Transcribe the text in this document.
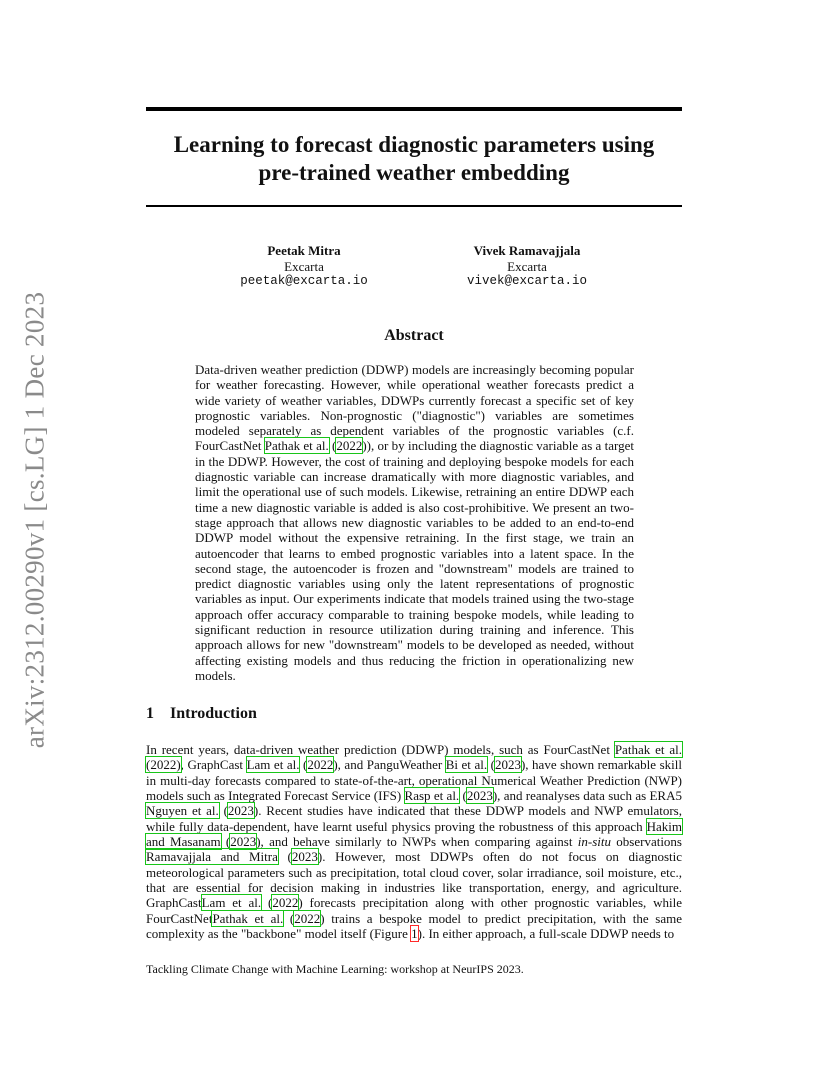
arXiv:2312.00290v1 [cs.LG] 1 Dec 2023
Learning to forecast diagnostic parameters using
pre-trained weather embedding
Peetak Mitra
Excarta
peetak@excarta.io
Vivek Ramavajjala
Excarta
vivek@excarta.io
Abstract

Data-driven weather prediction (DDWP) models are increasingly becoming popular for weather forecasting. However, while operational weather forecasts predict a wide variety of weather variables, DDWPs currently forecast a specific set of key prognostic variables. Non-prognostic ("diagnostic") variables are sometimes modeled separately as dependent variables of the prognostic variables (c.f. FourCastNet Pathak et al. (2022)), or by including the diagnostic variable as a target in the DDWP. However, the cost of training and deploying bespoke models for each diagnostic variable can increase dramatically with more diagnostic variables, and limit the operational use of such models. Likewise, retraining an entire DDWP each time a new diagnostic variable is added is also cost-prohibitive. We present an two-stage approach that allows new diagnostic variables to be added to an end-to-end DDWP model without the expensive retraining. In the first stage, we train an autoencoder that learns to embed prognostic variables into a latent space. In the second stage, the autoencoder is frozen and "downstream" models are trained to predict diagnostic variables using only the latent representations of prognostic variables as input. Our experiments indicate that models trained using the two-stage approach offer accuracy comparable to training bespoke models, while leading to significant reduction in resource utilization during training and inference. This approach allows for new "downstream" models to be developed as needed, without affecting existing models and thus reducing the friction in operationalizing new models.

1 Introduction

In recent years, data-driven weather prediction (DDWP) models, such as FourCastNet Pathak et al. (2022), GraphCast Lam et al. (2022), and PanguWeather Bi et al. (2023), have shown remarkable skill in multi-day forecasts compared to state-of-the-art, operational Numerical Weather Prediction (NWP) models such as Integrated Forecast Service (IFS) Rasp et al. (2023), and reanalyses data such as ERA5 Nguyen et al. (2023). Recent studies have indicated that these DDWP models and NWP emulators, while fully data-dependent, have learnt useful physics proving the robustness of this approach Hakim and Masanam (2023), and behave similarly to NWPs when comparing against in-situ observations Ramavajjala and Mitra (2023). However, most DDWPs often do not focus on diagnostic meteorological parameters such as precipitation, total cloud cover, solar irradiance, soil moisture, etc., that are essential for decision making in industries like transportation, energy, and agriculture. GraphCastLam et al. (2022) forecasts precipitation along with other prognostic variables, while FourCastNetPathak et al. (2022) trains a bespoke model to predict precipitation, with the same complexity as the "backbone" model itself (Figure 1). In either approach, a full-scale DDWP needs to

Tackling Climate Change with Machine Learning: workshop at NeurIPS 2023.
